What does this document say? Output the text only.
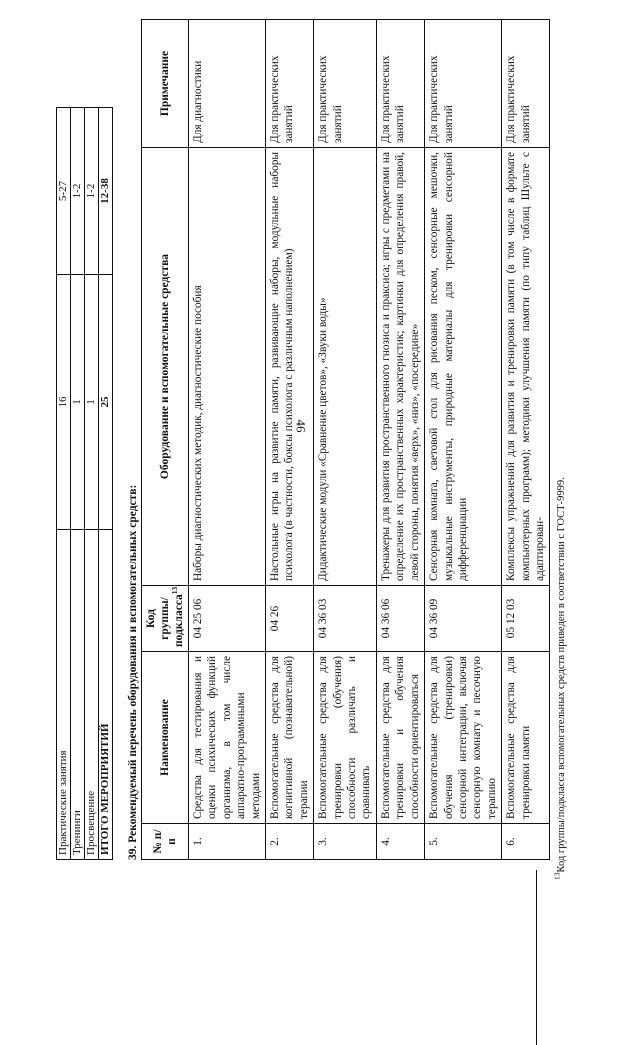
46
Практические занятия	16	5-27
Тренинги	1	1-2
Просвещение	1	1-2
ИТОГО МЕРОПРИЯТИЙ	25	12-38
39. Рекомендуемый перечень оборудования и вспомогательных средств: № п/п	Наименование	Код группы/подкласса$^{13}$	Оборудование и вспомогательные средства	Примечание
1.	Средства для тестирования и оценки психических функций организма, в том числе аппаратно-программными методами	04 25 06	Наборы диагностических методик, диагностические пособия	Для диагностики
2.	Вспомогательные средства для когнитивной (познавательной) терапии	04 26	Настольные игры на развитие памяти, развивающие наборы, модульные наборы психолога (в частности, боксы психолога с различным наполнением)	Для практических занятий
3.	Вспомогательные средства для тренировки (обучения) способности различать и сравнивать	04 36 03	Дидактические модули «Сравнение цветов», «Звуки воды»	Для практических занятий
4.	Вспомогательные средства для тренировки и обучения способности ориентироваться	04 36 06	Тренажеры для развития пространственного гнозиса и праксиса; игры с предметами на определение их пространственных характеристик; картинки для определения правой, левой стороны, понятия «верх», «низ», «посередине»	Для практических занятий
5.	Вспомогательные средства для обучения (тренировки) сенсорной интеграции, включая сенсорную комнату и песочную терапию	04 36 09	Сенсорная комната, световой стол для рисования песком, сенсорные мешочки, музыкальные инструменты, природные материалы для тренировки сенсорной дифференциации	Для практических занятий
6.	Вспомогательные средства для тренировки памяти	05 12 03	Комплексы упражнений для развития и тренировки памяти (в том числе в формате компьютерных программ); методики улучшения памяти (по типу таблиц Шульте с адаптирован-	Для практических занятий
$^{13}$Код группы/подкласса вспомогательных средств приведен в соответствии с ГОСТ-9999.
